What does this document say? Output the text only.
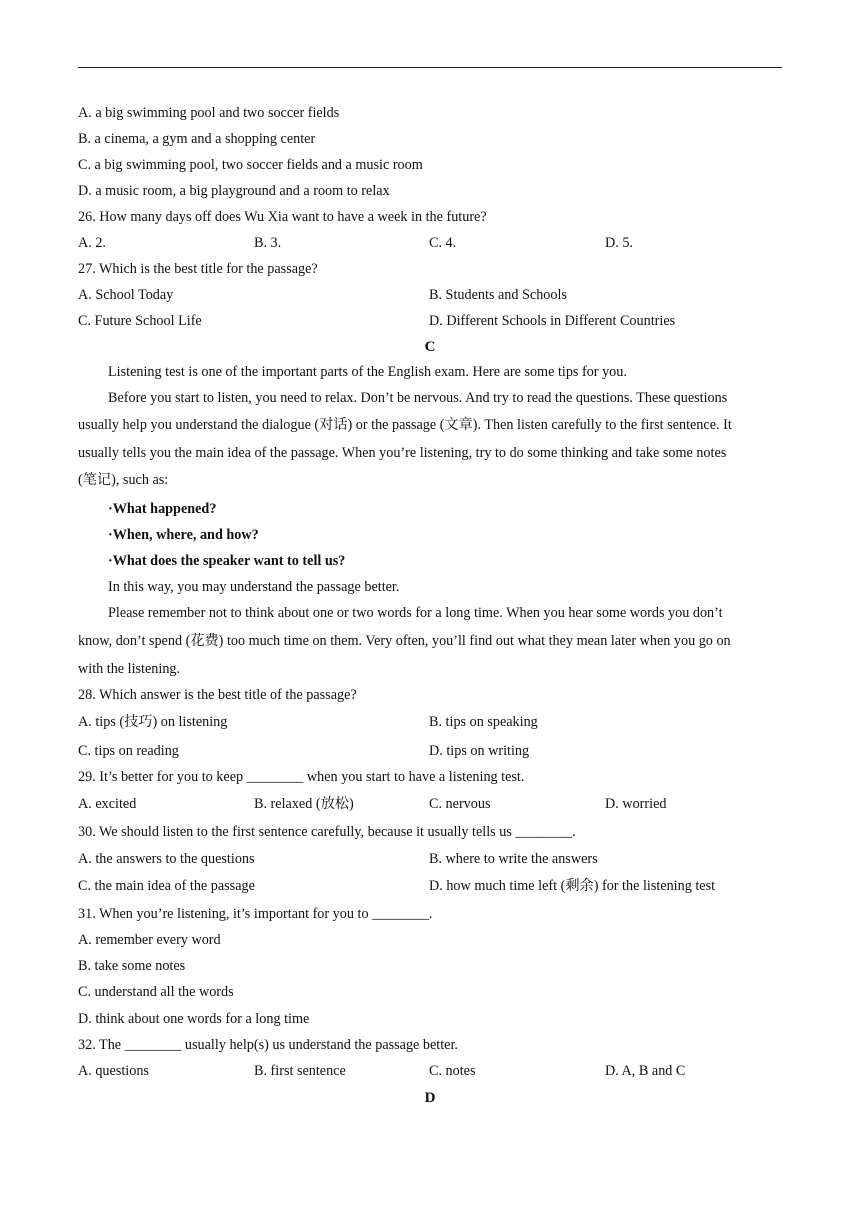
A. a big swimming pool and two soccer fields
B. a cinema, a gym and a shopping center
C. a big swimming pool, two soccer fields and a music room
D. a music room, a big playground and a room to relax
26. How many days off does Wu Xia want to have a week in the future?
A. 2.	B. 3.	C. 4.	D. 5.
27. Which is the best title for the passage?
A. School Today	B. Students and Schools
C. Future School Life	D. Different Schools in Different Countries
C
Listening test is one of the important parts of the English exam. Here are some tips for you.
Before you start to listen, you need to relax. Don’t be nervous. And try to read the questions. These questions
usually help you understand the dialogue (对话) or the passage (文章). Then listen carefully to the first sentence. It
usually tells you the main idea of the passage. When you’re listening, try to do some thinking and take some notes
(笔记), such as:
·What happened?
·When, where, and how?
·What does the speaker want to tell us?
In this way, you may understand the passage better.
Please remember not to think about one or two words for a long time. When you hear some words you don’t
know, don’t spend (花费) too much time on them. Very often, you’ll find out what they mean later when you go on
with the listening.
28. Which answer is the best title of the passage?
A. tips (技巧) on listening	B. tips on speaking
C. tips on reading	D. tips on writing
29. It’s better for you to keep ________ when you start to have a listening test.
A. excited	B. relaxed (放松)	C. nervous	D. worried
30. We should listen to the first sentence carefully, because it usually tells us ________.
A. the answers to the questions	B. where to write the answers
C. the main idea of the passage	D. how much time left (剩余) for the listening test
31. When you’re listening, it’s important for you to ________.
A. remember every word
B. take some notes
C. understand all the words
D. think about one words for a long time
32. The ________ usually help(s) us understand the passage better.
A. questions	B. first sentence	C. notes	D. A, B and C
D
